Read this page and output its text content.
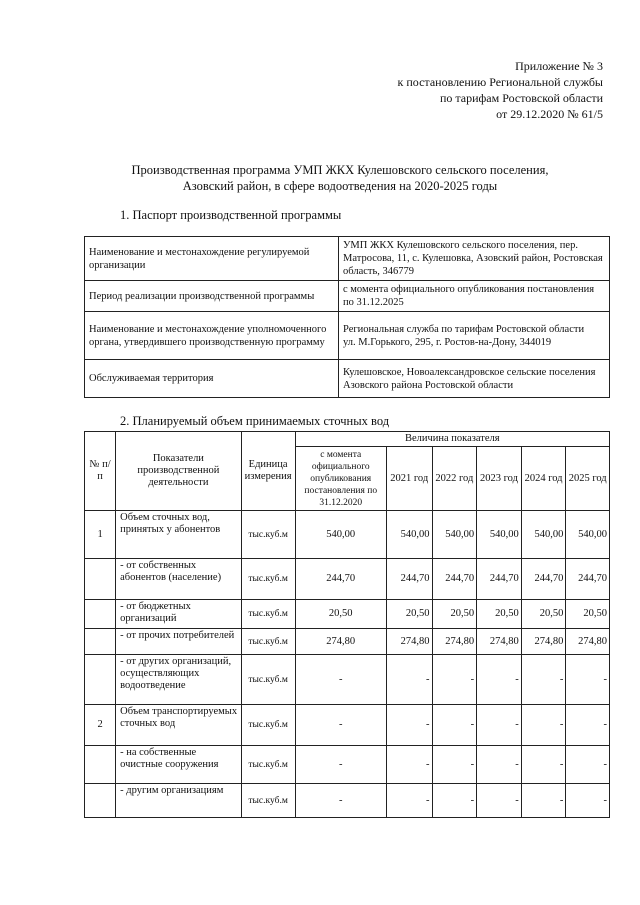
Приложение № 3
к постановлению Региональной службы
по тарифам Ростовской области
от 29.12.2020 № 61/5
Производственная программа УМП ЖКХ Кулешовского сельского поселения,
Азовский район, в сфере водоотведения на 2020-2025 годы
1. Паспорт производственной программы
Наименование и местонахождение регулируемой организации	УМП ЖКХ Кулешовского сельского поселения, пер. Матросова, 11, с. Кулешовка, Азовский район, Ростовская область, 346779
Период реализации производственной программы	с момента официального опубликования постановления по 31.12.2025
Наименование и местонахождение уполномоченного органа, утвердившего производственную программу	Региональная служба по тарифам Ростовской области
ул. М.Горького, 295, г. Ростов-на-Дону, 344019

Обслуживаемая территория	Кулешовское, Новоалександровское сельские поселения Азовского района Ростовской области
2. Планируемый объем принимаемых сточных вод
№ п/п	Показатели производственной деятельности	Единица измерения	Величина показателя					
			с момента официального опубликования постановления по 31.12.2020	2021 год	2022 год	2023 год	2024 год	2025 год
1	Объем сточных вод, принятых у абонентов	тыс.куб.м	540,00	540,00	540,00	540,00	540,00	540,00
	- от собственных абонентов (население)	тыс.куб.м	244,70	244,70	244,70	244,70	244,70	244,70
	- от бюджетных организаций	тыс.куб.м	20,50	20,50	20,50	20,50	20,50	20,50
	- от прочих потребителей	тыс.куб.м	274,80	274,80	274,80	274,80	274,80	274,80
	- от других организаций, осуществляющих водоотведение	тыс.куб.м	-	-	-	-	-	-
2	Объем транспортируемых сточных вод	тыс.куб.м	-	-	-	-	-	-
	- на собственные очистные сооружения	тыс.куб.м	-	-	-	-	-	-
	- другим организациям	тыс.куб.м	-	-	-	-	-	-
